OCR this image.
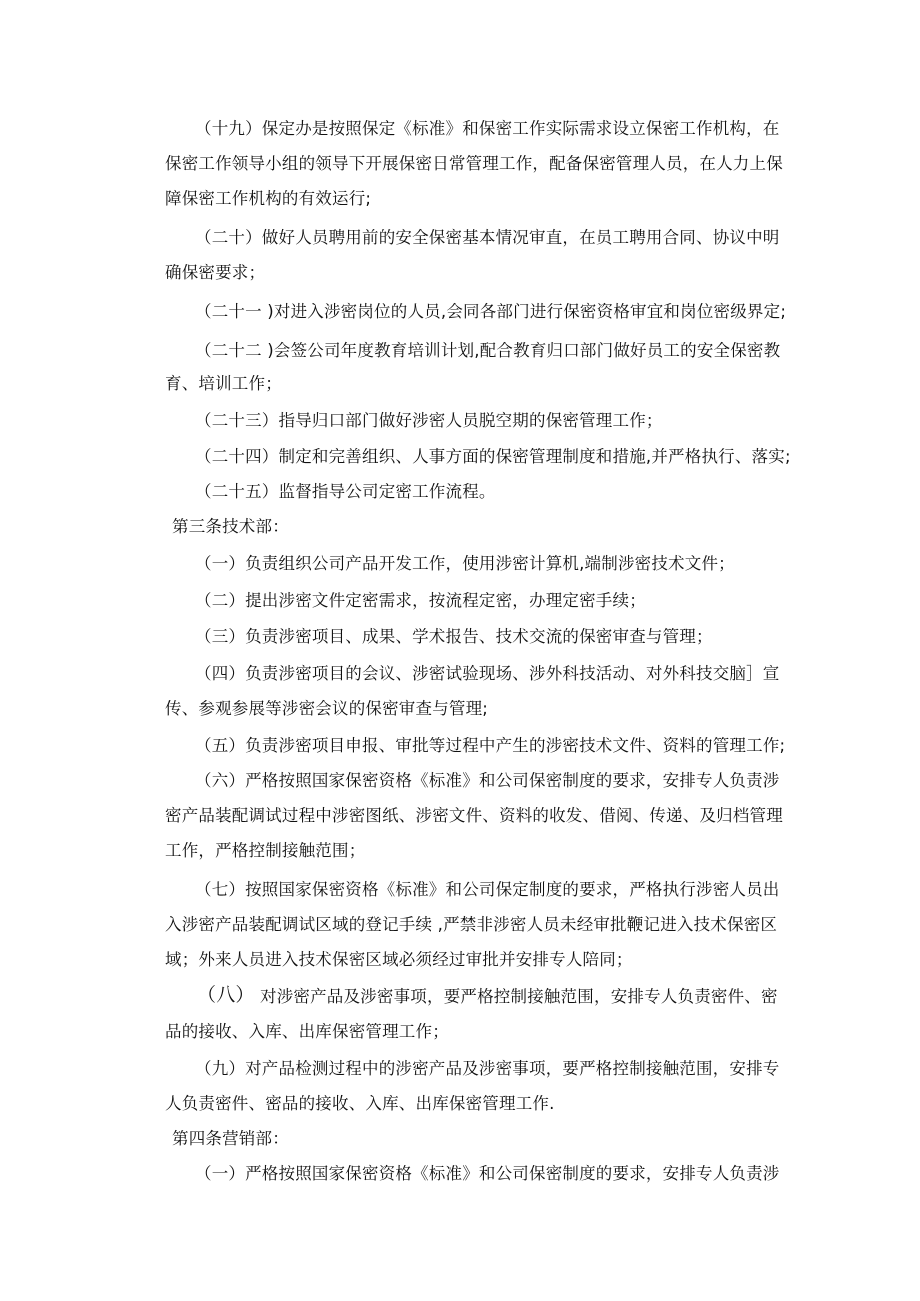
（十九）保定办是按照保定《标准》和保密工作实际需求设立保密工作机构，在
保密工作领导小组的领导下开展保密日常管理工作，配备保密管理人员，在人力上保
障保密工作机构的有效运行;
（二十）做好人员聘用前的安全保密基本情况审直，在员工聘用合同、协议中明
确保密要求；
（二十一 )对进入涉密岗位的人员,会同各部门进行保密资格审宜和岗位密级界定;
（二十二 )会签公司年度教育培训计划,配合教育归口部门做好员工的安全保密教
育、培训工作；
（二十三）指导归口部门做好涉密人员脱空期的保密管理工作；
（二十四）制定和完善组织、人事方面的保密管理制度和措施,并严格执行、落实;
（二十五）监督指导公司定密工作流程。
第三条技术部：
（一）负责组织公司产品开发工作，使用涉密计算机,端制涉密技术文件；
（二）提出涉密文件定密需求，按流程定密，办理定密手续；
（三）负责涉密项目、成果、学术报告、技术交流的保密审查与管理；
（四）负责涉密项目的会议、涉密试验现场、涉外科技活动、对外科技交脑］宣
传、参观参展等涉密会议的保密审查与管理;
（五）负责涉密项目申报、审批等过程中产生的涉密技术文件、资料的管理工作;
（六）严格按照国家保密资格《标准》和公司保密制度的要求，安排专人负责涉
密产品装配调试过程中涉密图纸、涉密文件、资料的收发、借阅、传递、及归档管理
工作，严格控制接触范围；
（七）按照国家保密资格《标准》和公司保定制度的要求，严格执行涉密人员出
入涉密产品装配调试区域的登记手续 ,严禁非涉密人员未经审批鞭记进入技术保密区
域；外来人员进入技术保密区域必须经过审批并安排专人陪同；
（八） 对涉密产品及涉密事项，要严格控制接触范围，安排专人负责密件、密
品的接收、入库、出库保密管理工作；
（九）对产品检测过程中的涉密产品及涉密事项，要严格控制接触范围，安排专
人负责密件、密品的接收、入库、出库保密管理工作.
第四条营销部：
（一）严格按照国家保密资格《标准》和公司保密制度的要求，安排专人负责涉
